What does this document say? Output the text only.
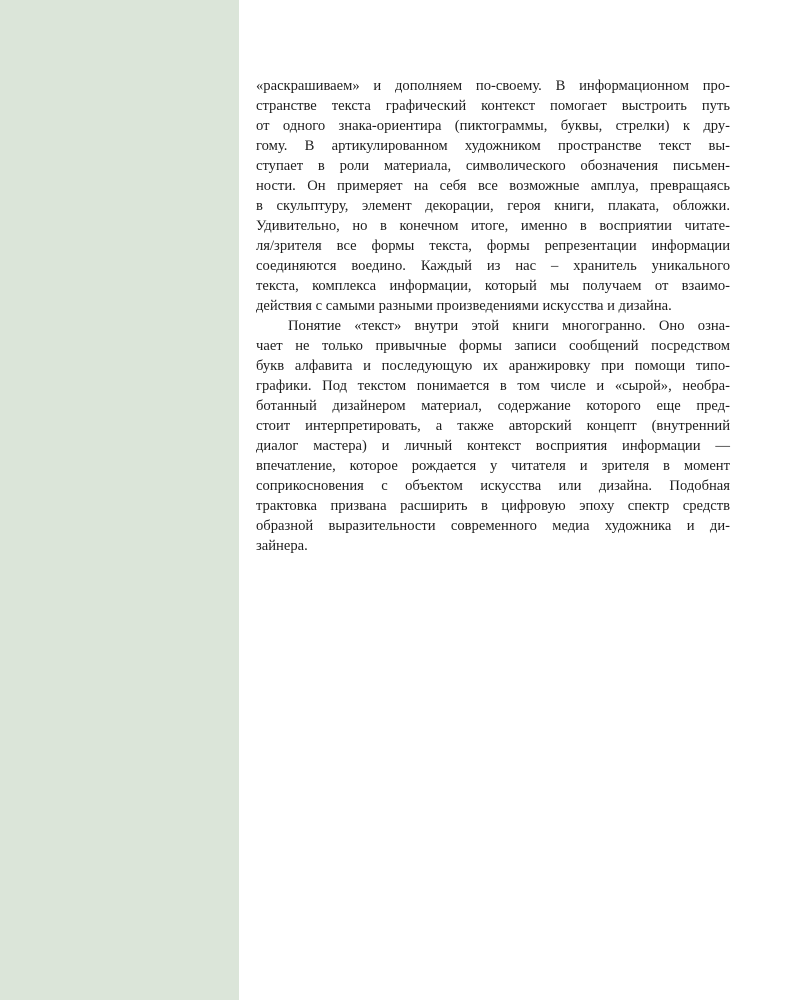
«раскрашиваем» и дополняем по-своему. В информационном про-
странстве текста графический контекст помогает выстроить путь
от одного знака-ориентира (пиктограммы, буквы, стрелки) к дру-
гому. В артикулированном художником пространстве текст вы-
ступает в роли материала, символического обозначения письмен-
ности. Он примеряет на себя все возможные амплуа, превращаясь
в скульптуру, элемент декорации, героя книги, плаката, обложки.
Удивительно, но в конечном итоге, именно в восприятии читате-
ля/зрителя все формы текста, формы репрезентации информации
соединяются воедино. Каждый из нас – хранитель уникального
текста, комплекса информации, который мы получаем от взаимо-
действия с самыми разными произведениями искусства и дизайна.
Понятие «текст» внутри этой книги многогранно. Оно озна-
чает не только привычные формы записи сообщений посредством
букв алфавита и последующую их аранжировку при помощи типо-
графики. Под текстом понимается в том числе и «сырой», необра-
ботанный дизайнером материал, содержание которого еще пред-
стоит интерпретировать, а также авторский концепт (внутренний
диалог мастера) и личный контекст восприятия информации —
впечатление, которое рождается у читателя и зрителя в момент
соприкосновения с объектом искусства или дизайна. Подобная
трактовка призвана расширить в цифровую эпоху спектр средств
образной выразительности современного медиа художника и ди-
зайнера.
